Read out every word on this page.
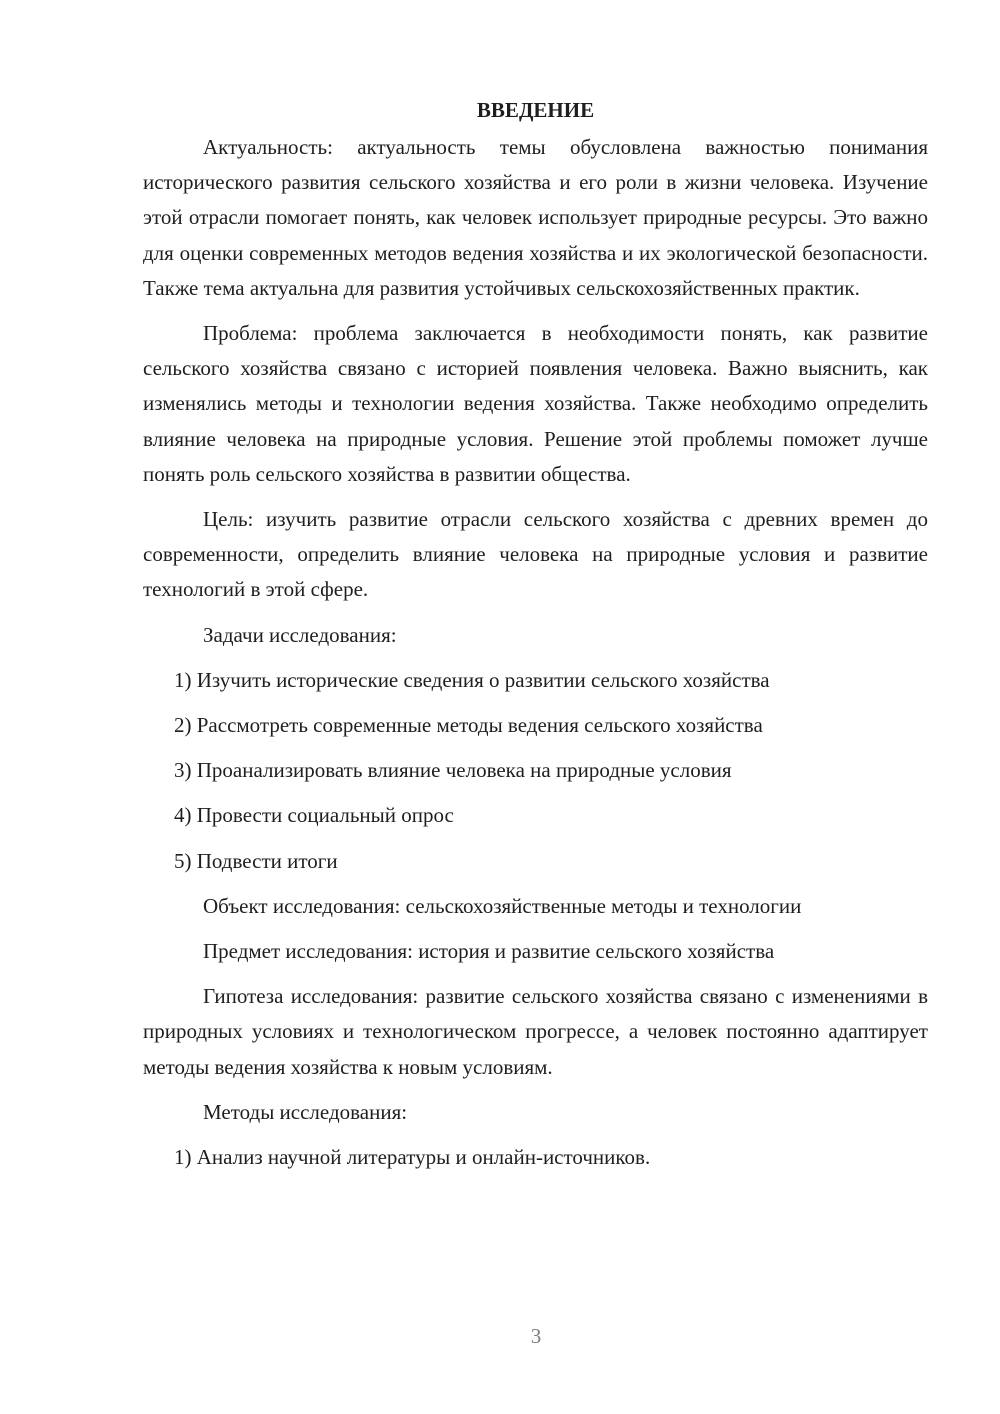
ВВЕДЕНИЕ

Актуальность: актуальность темы обусловлена важностью понимания исторического развития сельского хозяйства и его роли в жизни человека. Изучение этой отрасли помогает понять, как человек использует природные ресурсы. Это важно для оценки современных методов ведения хозяйства и их экологической безопасности. Также тема актуальна для развития устойчивых сельскохозяйственных практик.

Проблема: проблема заключается в необходимости понять, как развитие сельского хозяйства связано с историей появления человека. Важно выяснить, как изменялись методы и технологии ведения хозяйства. Также необходимо определить влияние человека на природные условия. Решение этой проблемы поможет лучше понять роль сельского хозяйства в развитии общества.

Цель: изучить развитие отрасли сельского хозяйства с древних времен до современности, определить влияние человека на природные условия и развитие технологий в этой сфере.

Задачи исследования:
1) Изучить исторические сведения о развитии сельского хозяйства
2) Рассмотреть современные методы ведения сельского хозяйства
3) Проанализировать влияние человека на природные условия
4) Провести социальный опрос
5) Подвести итоги
Объект исследования: сельскохозяйственные методы и технологии
Предмет исследования: история и развитие сельского хозяйства

Гипотеза исследования: развитие сельского хозяйства связано с изменениями в природных условиях и технологическом прогрессе, а человек постоянно адаптирует методы ведения хозяйства к новым условиям.

Методы исследования:
1) Анализ научной литературы и онлайн-источников.
3
